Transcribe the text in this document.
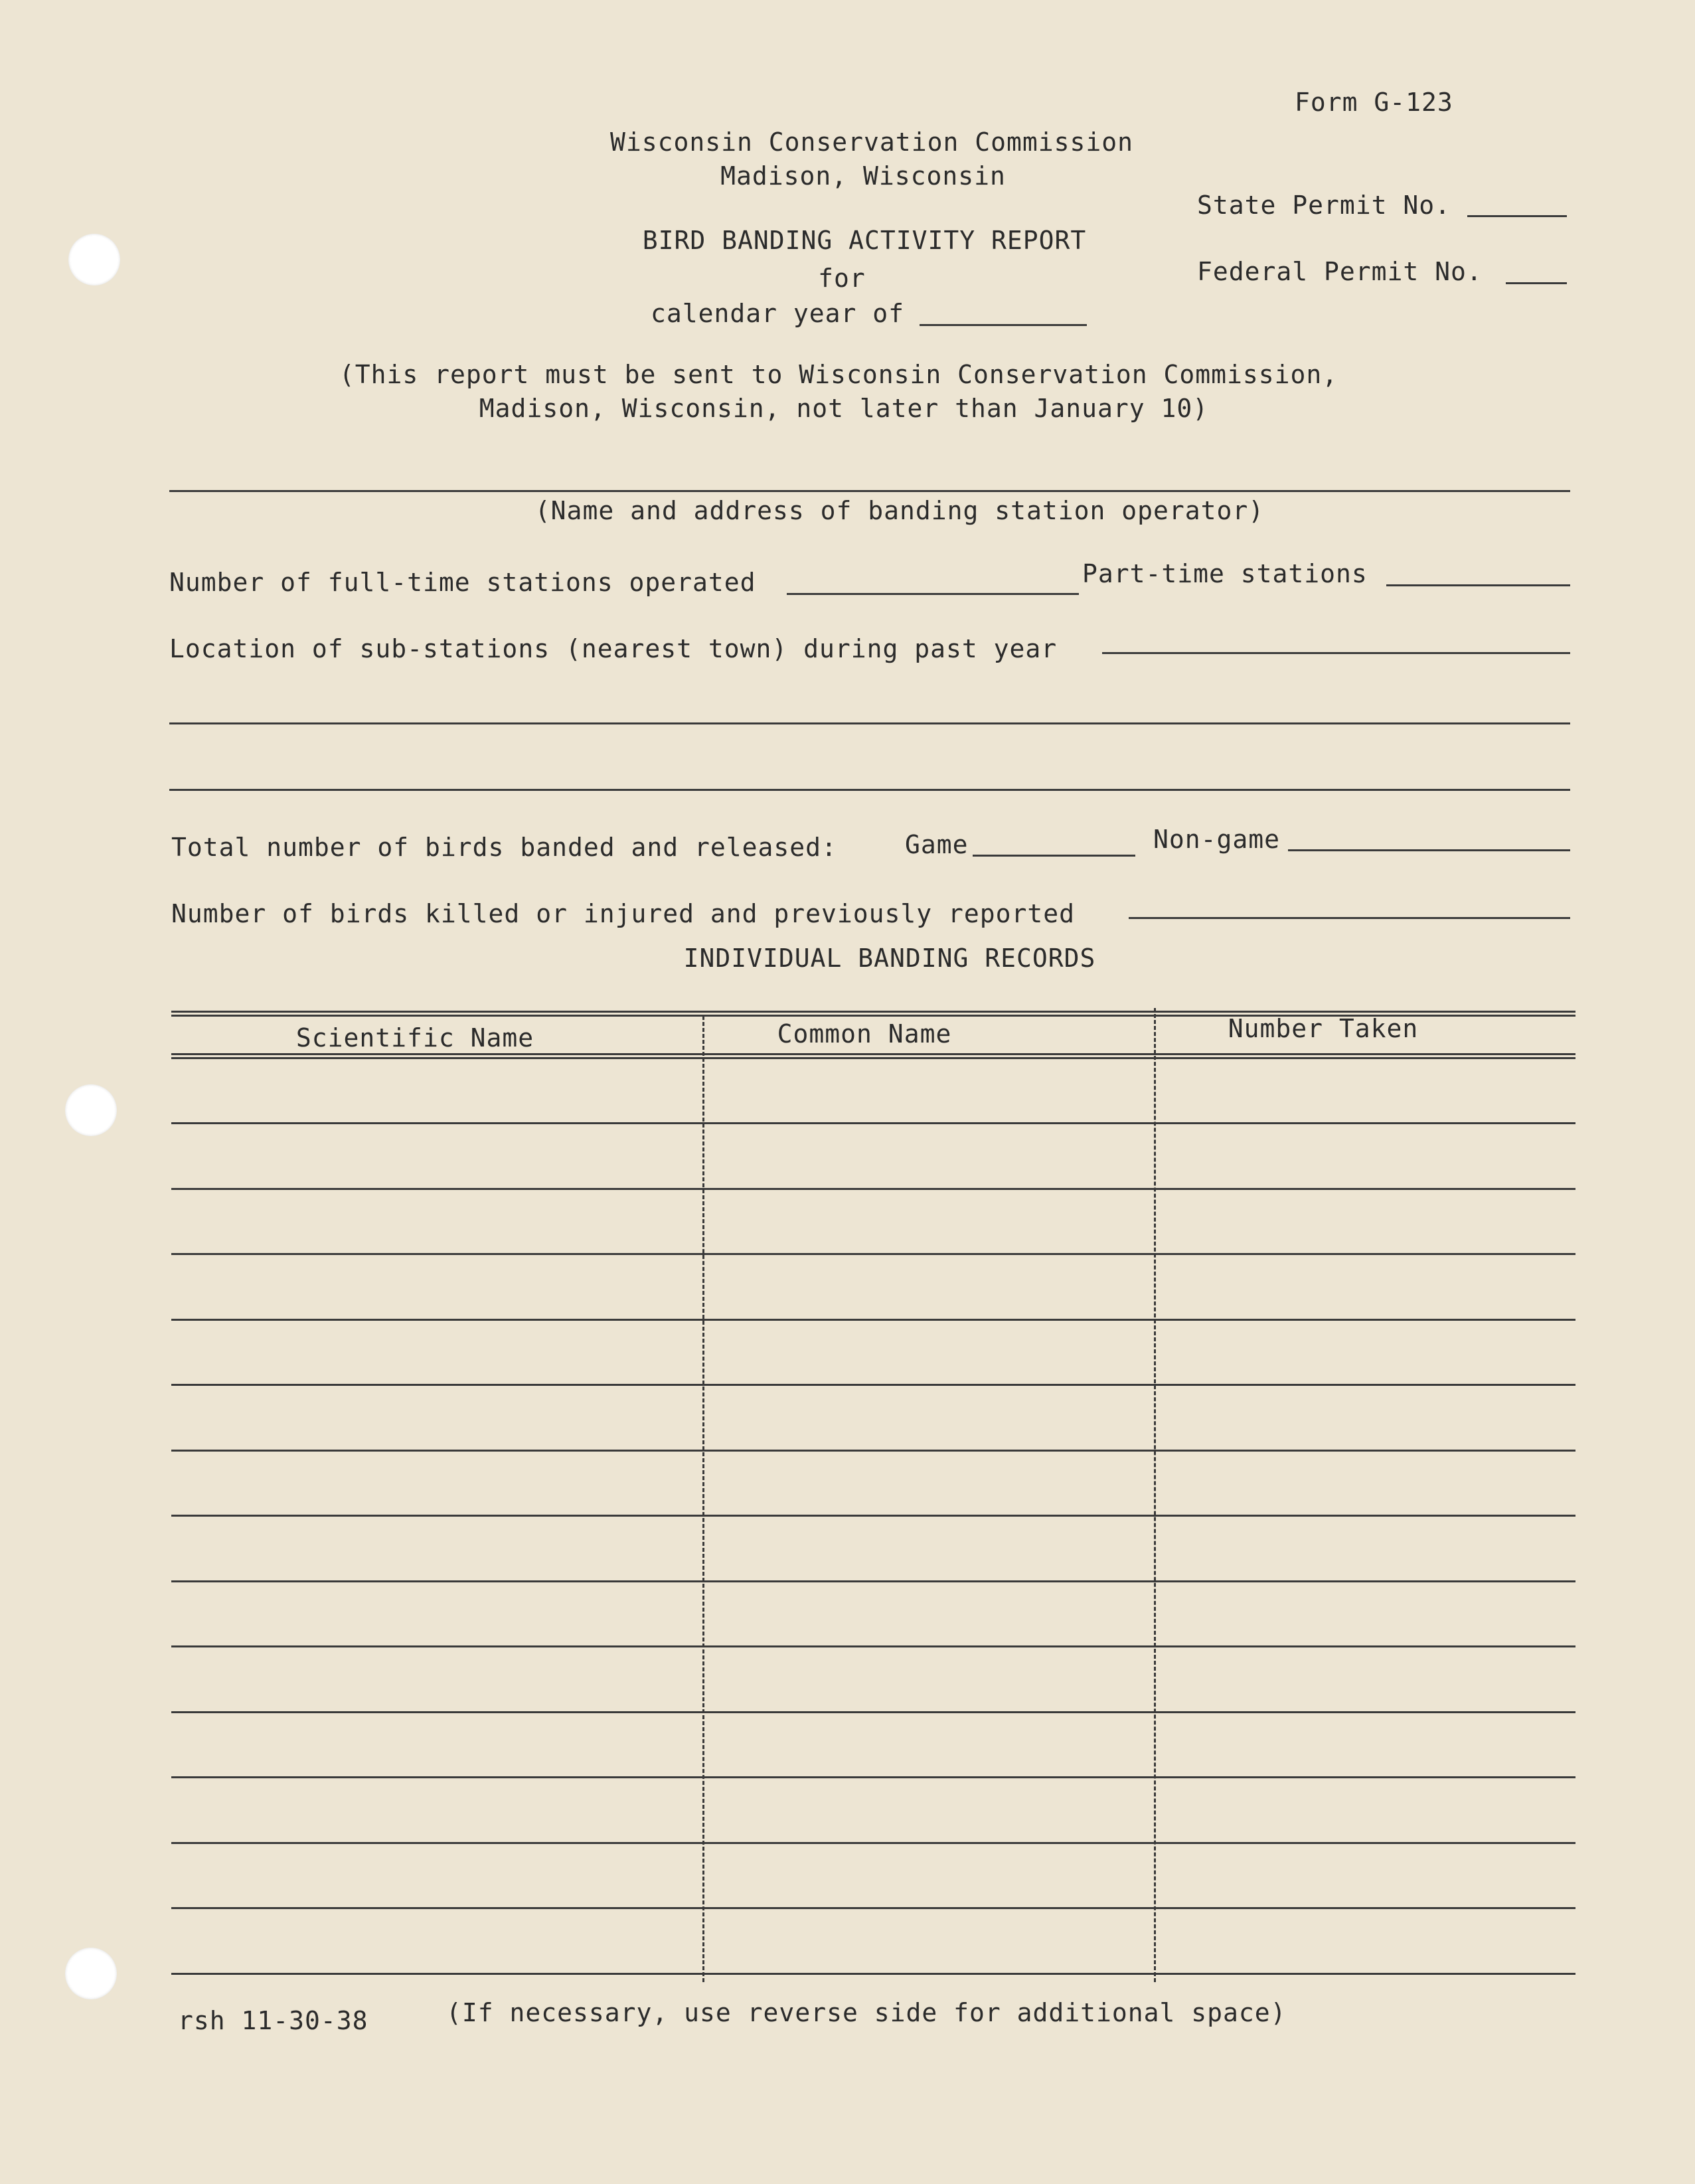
Form G-123
Wisconsin Conservation Commission
Madison, Wisconsin
BIRD BANDING ACTIVITY REPORT
for
calendar year of
State Permit No.
Federal Permit No.
(This report must be sent to Wisconsin Conservation Commission,
Madison, Wisconsin, not later than January 10)
(Name and address of banding station operator)
Number of full-time stations operated	Part-time stations
Location of sub-stations (nearest town) during past year
Total number of birds banded and released:	Game	Non-game
Number of birds killed or injured and previously reported
INDIVIDUAL BANDING RECORDS
Scientific Name	Common Name	Number Taken
rsh 11-30-38	(If necessary, use reverse side for additional space)
